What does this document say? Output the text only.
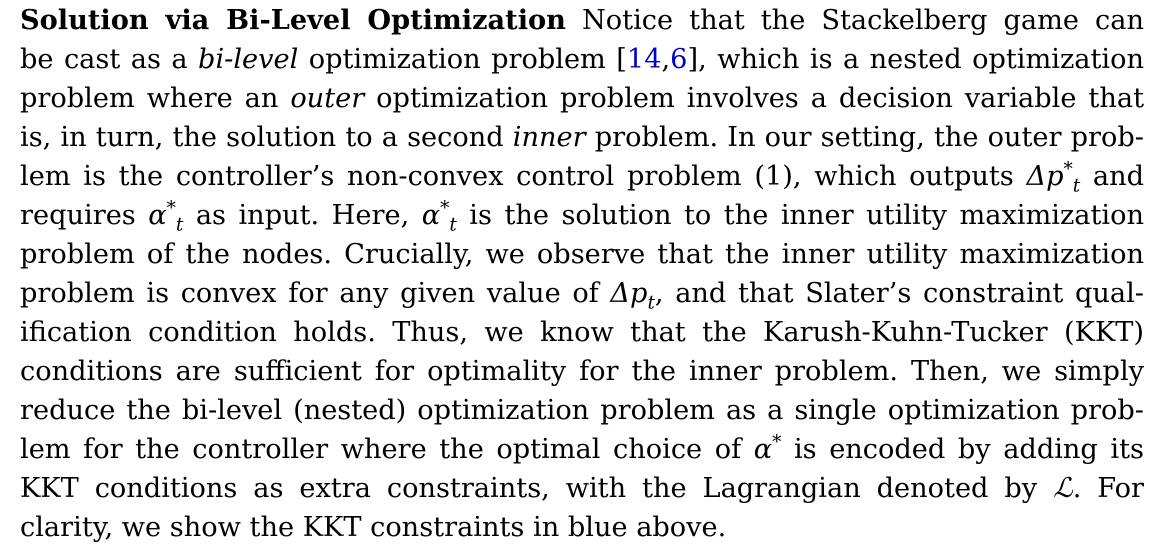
Solution via Bi-Level Optimization Notice that the Stackelberg game can
be cast as a bi-level optimization problem [14,6], which is a nested optimization
problem where an outer optimization problem involves a decision variable that
is, in turn, the solution to a second inner problem. In our setting, the outer prob-
lem is the controller’s non-convex control problem (1), which outputs $\Delta p^*_t$ and
requires $\alpha^*_t$ as input. Here, $\alpha^*_t$ is the solution to the inner utility maximization
problem of the nodes. Crucially, we observe that the inner utility maximization
problem is convex for any given value of $\Delta p_t$, and that Slater’s constraint qual-
ification condition holds. Thus, we know that the Karush-Kuhn-Tucker (KKT)
conditions are sufficient for optimality for the inner problem. Then, we simply
reduce the bi-level (nested) optimization problem as a single optimization prob-
lem for the controller where the optimal choice of α* is encoded by adding its
KKT conditions as extra constraints, with the Lagrangian denoted by ℒ. For
clarity, we show the KKT constraints in blue above.
